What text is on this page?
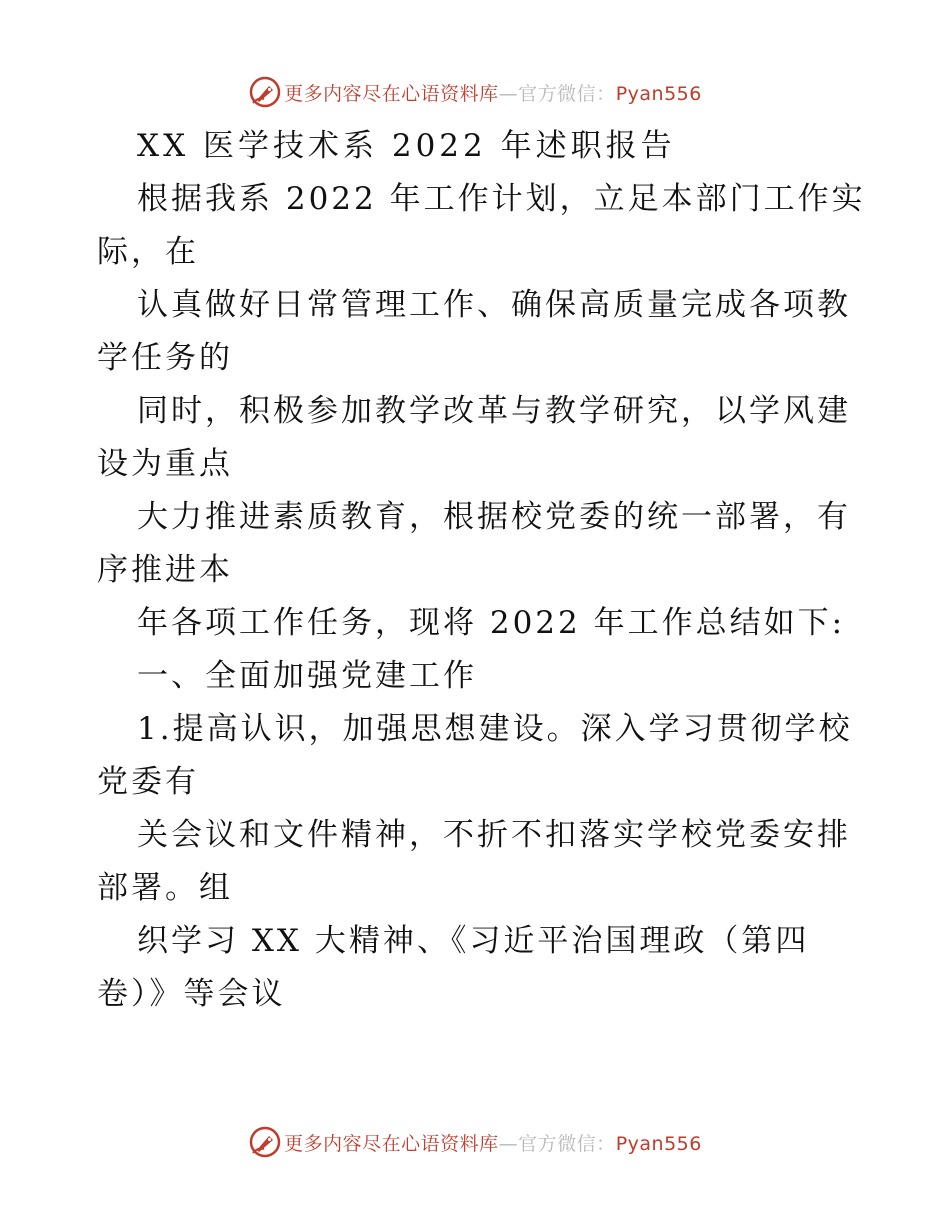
更多内容尽在心语资料库—官方微信：Pyan556
XX 医学技术系 2022 年述职报告
根据我系 2022 年工作计划，立足本部门工作实
际，在
认真做好日常管理工作、确保高质量完成各项教
学任务的
同时，积极参加教学改革与教学研究，以学风建
设为重点
大力推进素质教育，根据校党委的统一部署，有
序推进本
年各项工作任务，现将 2022 年工作总结如下:
一、全面加强党建工作
1.提高认识，加强思想建设。深入学习贯彻学校
党委有
关会议和文件精神，不折不扣落实学校党委安排
部署。组
织学习 XX 大精神、《习近平治国理政（第四
卷）》等会议
更多内容尽在心语资料库—官方微信：Pyan556
